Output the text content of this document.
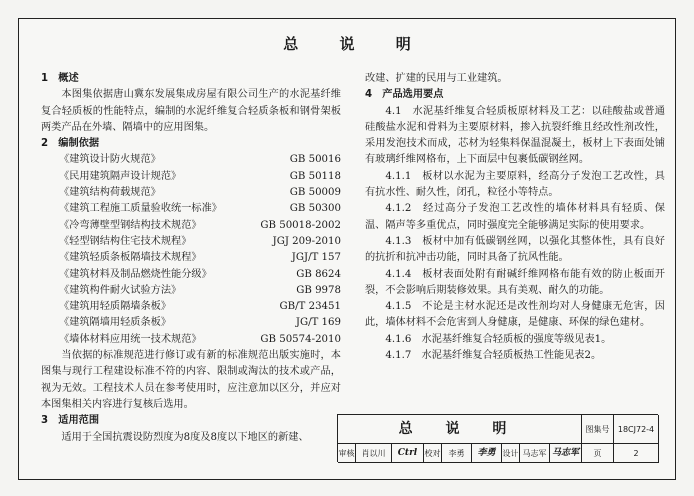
总 说 明
1　概述
本图集依据唐山冀东发展集成房屋有限公司生产的水泥基纤维复合轻质板的性能特点，编制的水泥纤维复合轻质条板和钢骨架板两类产品在外墙、隔墙中的应用图集。
2　编制依据
《建筑设计防火规范》	GB 50016
《民用建筑隔声设计规范》	GB 50118
《建筑结构荷载规范》	GB 50009
《建筑工程施工质量验收统一标准》	GB 50300
《冷弯薄壁型钢结构技术规范》	GB 50018-2002
《轻型钢结构住宅技术规程》	JGJ 209-2010
《建筑轻质条板隔墙技术规程》	JGJ/T 157
《建筑材料及制品燃烧性能分级》	GB 8624
《建筑构件耐火试验方法》	GB 9978
《建筑用轻质隔墙条板》	GB/T 23451
《建筑隔墙用轻质条板》	JG/T 169
《墙体材料应用统一技术规范》	GB 50574-2010
当依据的标准规范进行修订或有新的标准规范出版实施时，本图集与现行工程建设标准不符的内容、限制或淘汰的技术或产品，视为无效。工程技术人员在参考使用时，应注意加以区分，并应对本图集相关内容进行复核后选用。
3　适用范围
适用于全国抗震设防烈度为8度及8度以下地区的新建、
改建、扩建的民用与工业建筑。
4　产品选用要点
4.1　水泥基纤维复合轻质板原材料及工艺：以硅酸盐或普通硅酸盐水泥和骨料为主要原材料，掺入抗裂纤维且经改性剂改性，采用发泡技术而成，芯材为轻集料保温混凝土，板材上下表面处铺有玻璃纤维网格布，上下面层中包裹低碳钢丝网。
4.1.1　板材以水泥为主要原料，经高分子发泡工艺改性，具有抗水性、耐久性，闭孔，粒径小等特点。
4.1.2　经过高分子发泡工艺改性的墙体材料具有轻质、保温、隔声等多重优点，同时强度完全能够满足实际的使用要求。
4.1.3　板材中加有低碳钢丝网，以强化其整体性，具有良好的抗折和抗冲击功能，同时具备了抗风性能。
4.1.4　板材表面处附有耐碱纤维网格布能有效的防止板面开裂，不会影响后期装修效果。具有美观、耐久的功能。
4.1.5　不论是主材水泥还是改性剂均对人身健康无危害，因此，墙体材料不会危害到人身健康，是健康、环保的绿色建材。
4.1.6　水泥基纤维复合轻质板的强度等级见表1。
4.1.7　水泥基纤维复合轻质板热工性能见表2。
总 说 明	图集号	18CJ72-4
审核 肖以川	Ctrl 校对	李勇	李勇 设计 马志军 马志军	页	2
